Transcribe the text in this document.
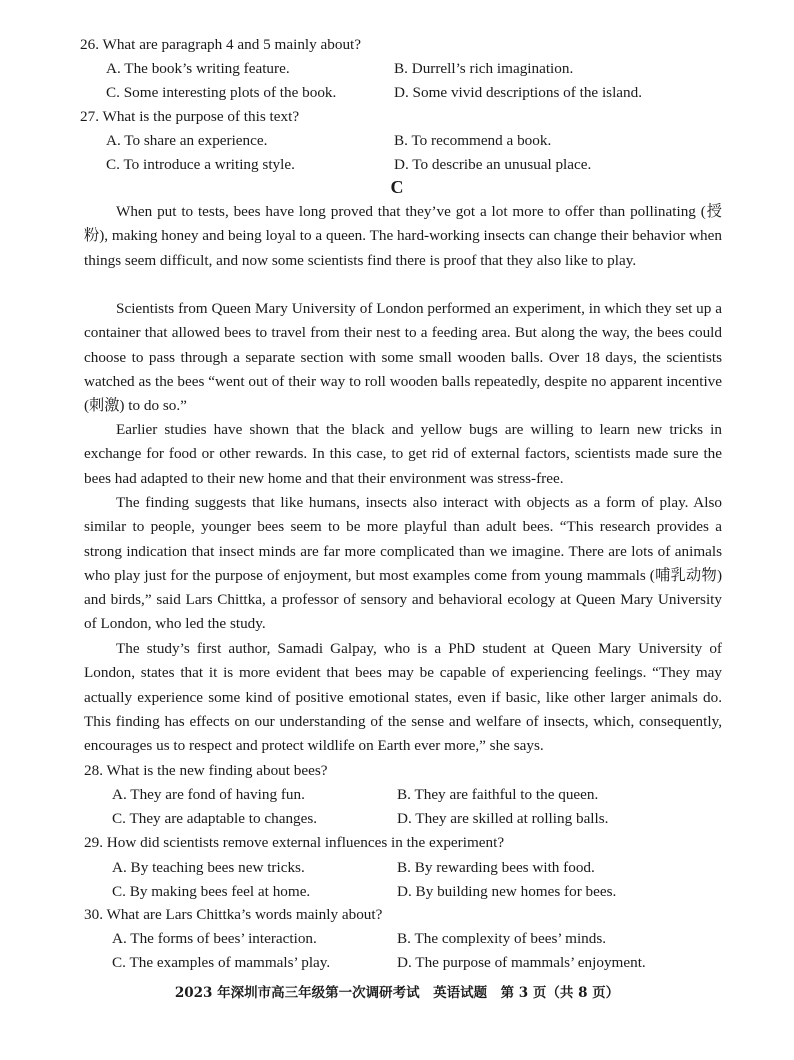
26. What are paragraph 4 and 5 mainly about?
A. The book’s writing feature.	B. Durrell’s rich imagination.
C. Some interesting plots of the book.	D. Some vivid descriptions of the island.
27. What is the purpose of this text?
A. To share an experience.	B. To recommend a book.
C. To introduce a writing style.	D. To describe an unusual place.
C

When put to tests, bees have long proved that they’ve got a lot more to offer than pollinating (授粉), making honey and being loyal to a queen. The hard-working insects can change their behavior when things seem difficult, and now some scientists find there is proof that they also like to play.

Scientists from Queen Mary University of London performed an experiment, in which they set up a container that allowed bees to travel from their nest to a feeding area. But along the way, the bees could choose to pass through a separate section with some small wooden balls. Over 18 days, the scientists watched as the bees “went out of their way to roll wooden balls repeatedly, despite no apparent incentive (刺激) to do so.”

Earlier studies have shown that the black and yellow bugs are willing to learn new tricks in exchange for food or other rewards. In this case, to get rid of external factors, scientists made sure the bees had adapted to their new home and that their environment was stress-free.

The finding suggests that like humans, insects also interact with objects as a form of play. Also similar to people, younger bees seem to be more playful than adult bees. “This research provides a strong indication that insect minds are far more complicated than we imagine. There are lots of animals who play just for the purpose of enjoyment, but most examples come from young mammals (哺乳动物) and birds,” said Lars Chittka, a professor of sensory and behavioral ecology at Queen Mary University of London, who led the study.

The study’s first author, Samadi Galpay, who is a PhD student at Queen Mary University of London, states that it is more evident that bees may be capable of experiencing feelings. “They may actually experience some kind of positive emotional states, even if basic, like other larger animals do. This finding has effects on our understanding of the sense and welfare of insects, which, consequently, encourages us to respect and protect wildlife on Earth ever more,” she says.

28. What is the new finding about bees?
A. They are fond of having fun.	B. They are faithful to the queen.
C. They are adaptable to changes.	D. They are skilled at rolling balls.
29. How did scientists remove external influences in the experiment?
A. By teaching bees new tricks.	B. By rewarding bees with food.
C. By making bees feel at home.	D. By building new homes for bees.
30. What are Lars Chittka’s words mainly about?
A. The forms of bees’ interaction.	B. The complexity of bees’ minds.
C. The examples of mammals’ play.	D. The purpose of mammals’ enjoyment.
2023 年深圳市高三年级第一次调研考试　英语试题　第 3 页（共 8 页）
